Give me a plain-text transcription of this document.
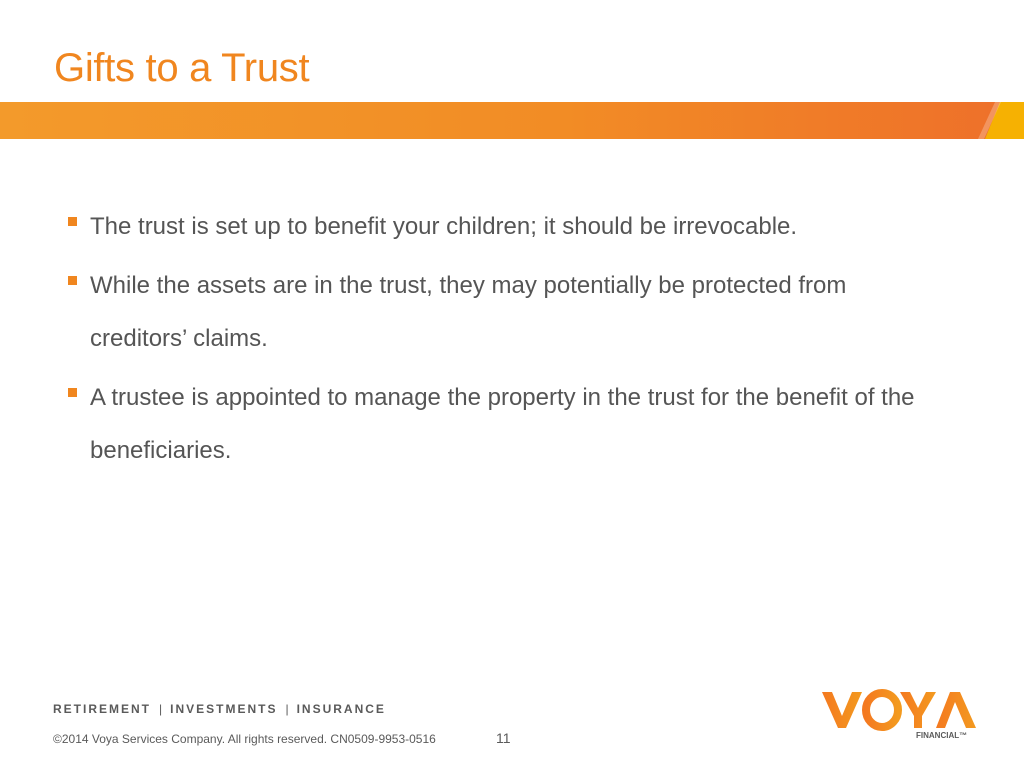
Gifts to a Trust
The trust is set up to benefit your children; it should be irrevocable.
While the assets are in the trust, they may potentially be protected from creditors’ claims.
A trustee is appointed to manage the property in the trust for the benefit of the beneficiaries.
RETIREMENT | INVESTMENTS | INSURANCE
©2014 Voya Services Company. All rights reserved. CN0509-9953-0516	11	FINANCIAL™
